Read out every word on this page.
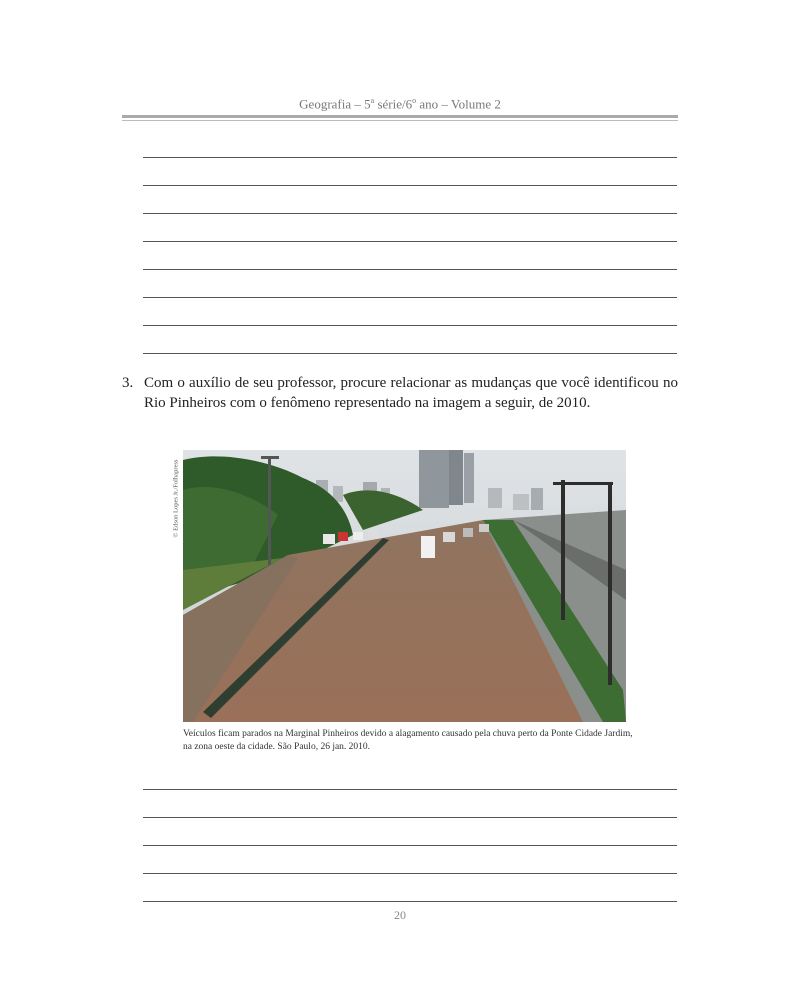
Geografia – 5$^a$ série/6$^o$ ano – Volume 2
3. Com o auxílio de seu professor, procure relacionar as mudanças que você identificou no Rio Pinheiros com o fenômeno representado na imagem a seguir, de 2010.
© Edson Lopes Jr./Folhapress
Veículos ficam parados na Marginal Pinheiros devido a alagamento causado pela chuva perto da Ponte Cidade Jardim, na zona oeste da cidade. São Paulo, 26 jan. 2010.
20
